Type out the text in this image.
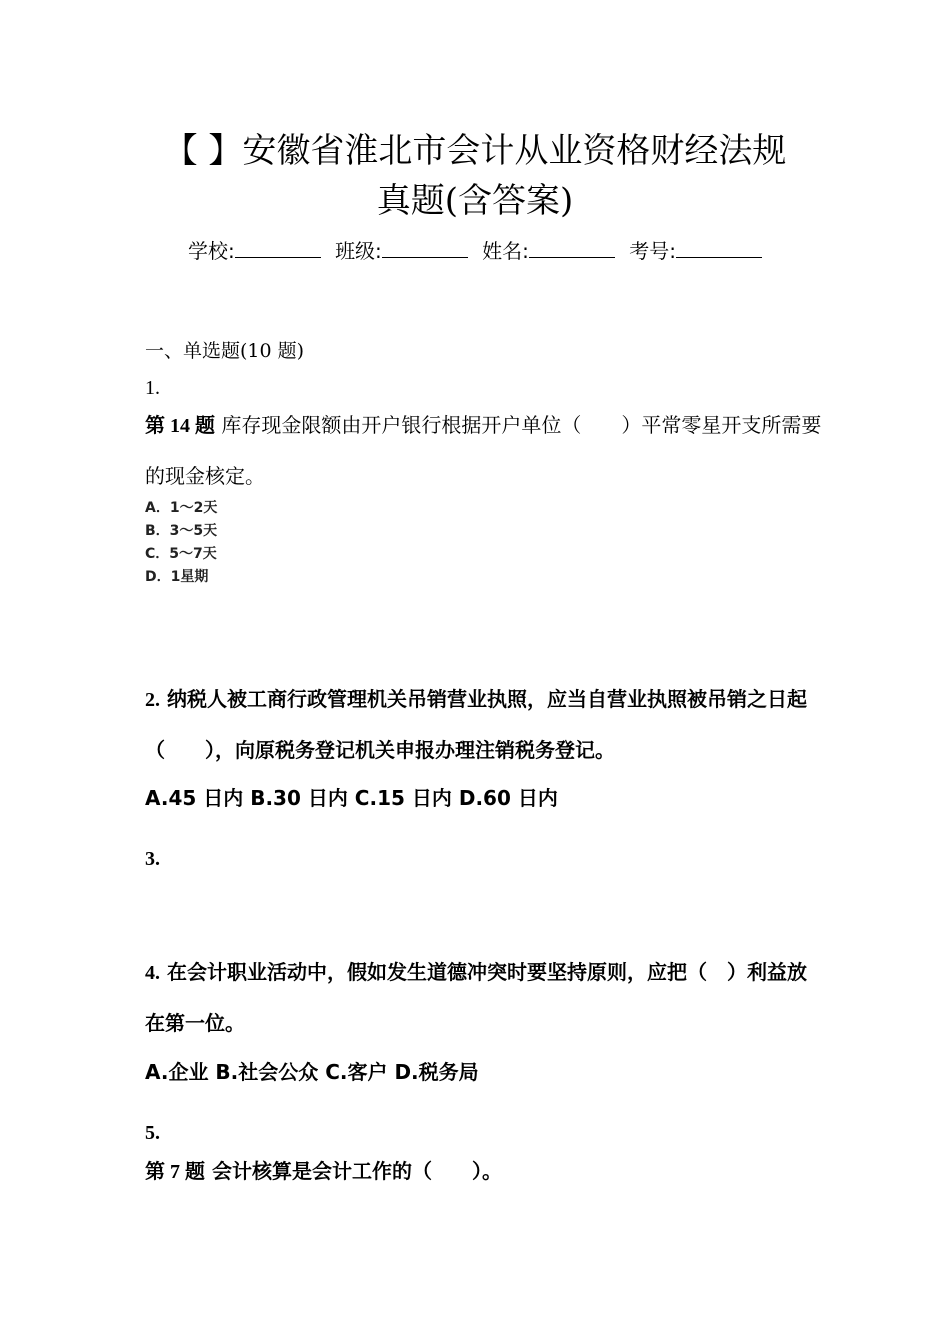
【 】安徽省淮北市会计从业资格财经法规
真题(含答案)
学校:	班级:	姓名:	考号:
一、单选题(10 题)
1.
第 14 题 库存现金限额由开户银行根据开户单位（　　）平常零星开支所需要的现金核定。
A．1～2天
B．3～5天
C．5～7天
D．1星期
2. 纳税人被工商行政管理机关吊销营业执照，应当自营业执照被吊销之日起（　　），向原税务登记机关申报办理注销税务登记。
A.45 日内 B.30 日内 C.15 日内 D.60 日内
3.
4. 在会计职业活动中，假如发生道德冲突时要坚持原则，应把（　）利益放在第一位。
A.企业 B.社会公众 C.客户 D.税务局
5.
第 7 题 会计核算是会计工作的（　　）。
